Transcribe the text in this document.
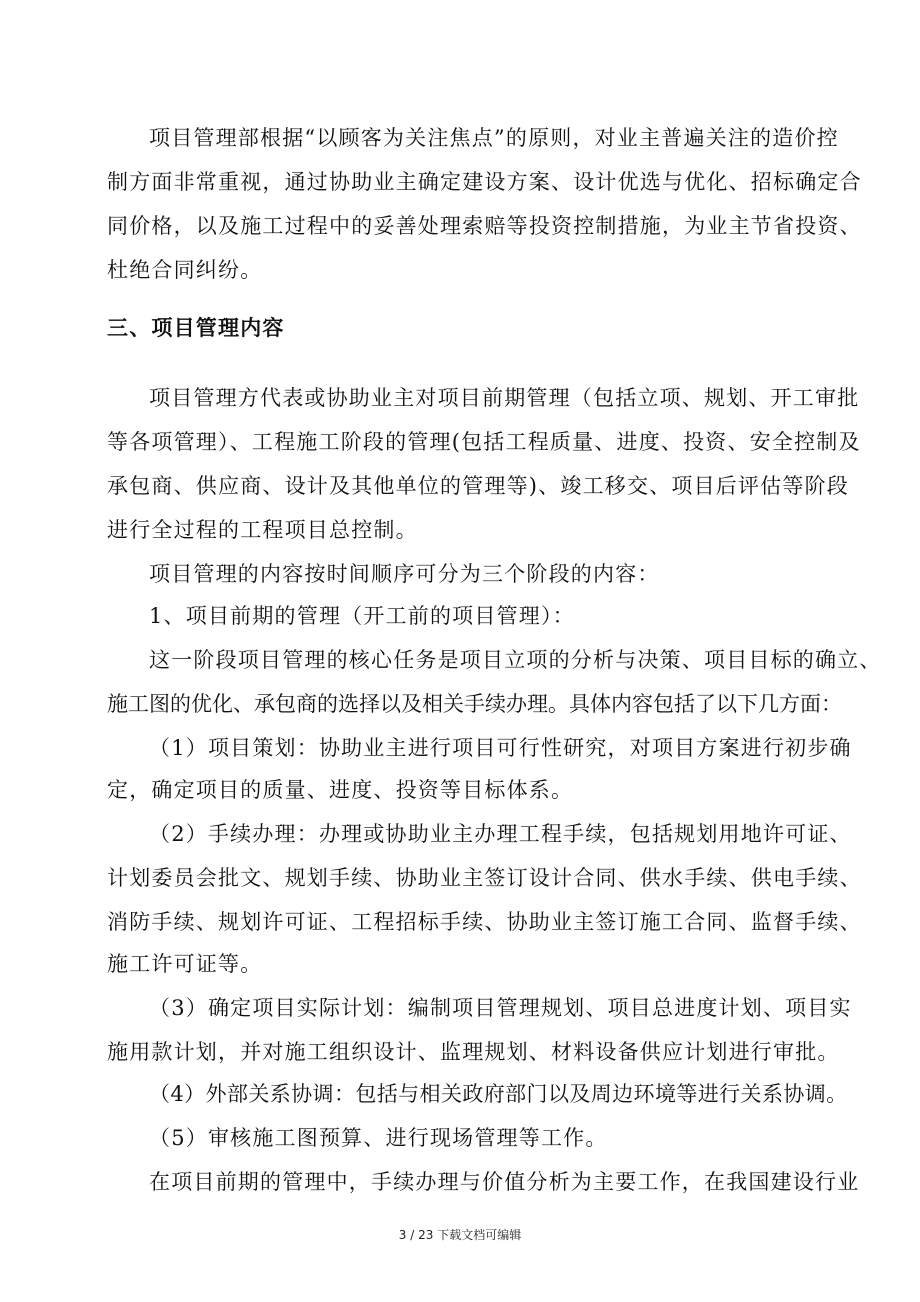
项目管理部根据“以顾客为关注焦点”的原则，对业主普遍关注的造价控
制方面非常重视，通过协助业主确定建设方案、设计优选与优化、招标确定合
同价格，以及施工过程中的妥善处理索赔等投资控制措施，为业主节省投资、
杜绝合同纠纷。
三、项目管理内容
项目管理方代表或协助业主对项目前期管理（包括立项、规划、开工审批
等各项管理）、工程施工阶段的管理(包括工程质量、进度、投资、安全控制及
承包商、供应商、设计及其他单位的管理等)、竣工移交、项目后评估等阶段
进行全过程的工程项目总控制。
项目管理的内容按时间顺序可分为三个阶段的内容：
1、项目前期的管理（开工前的项目管理）：
这一阶段项目管理的核心任务是项目立项的分析与决策、项目目标的确立、
施工图的优化、承包商的选择以及相关手续办理。具体内容包括了以下几方面：
（1）项目策划：协助业主进行项目可行性研究，对项目方案进行初步确
定，确定项目的质量、进度、投资等目标体系。
（2）手续办理：办理或协助业主办理工程手续，包括规划用地许可证、
计划委员会批文、规划手续、协助业主签订设计合同、供水手续、供电手续、
消防手续、规划许可证、工程招标手续、协助业主签订施工合同、监督手续、
施工许可证等。
（3）确定项目实际计划：编制项目管理规划、项目总进度计划、项目实
施用款计划，并对施工组织设计、监理规划、材料设备供应计划进行审批。
（4）外部关系协调：包括与相关政府部门以及周边环境等进行关系协调。
（5）审核施工图预算、进行现场管理等工作。
在项目前期的管理中，手续办理与价值分析为主要工作，在我国建设行业
3 / 23 下载文档可编辑
